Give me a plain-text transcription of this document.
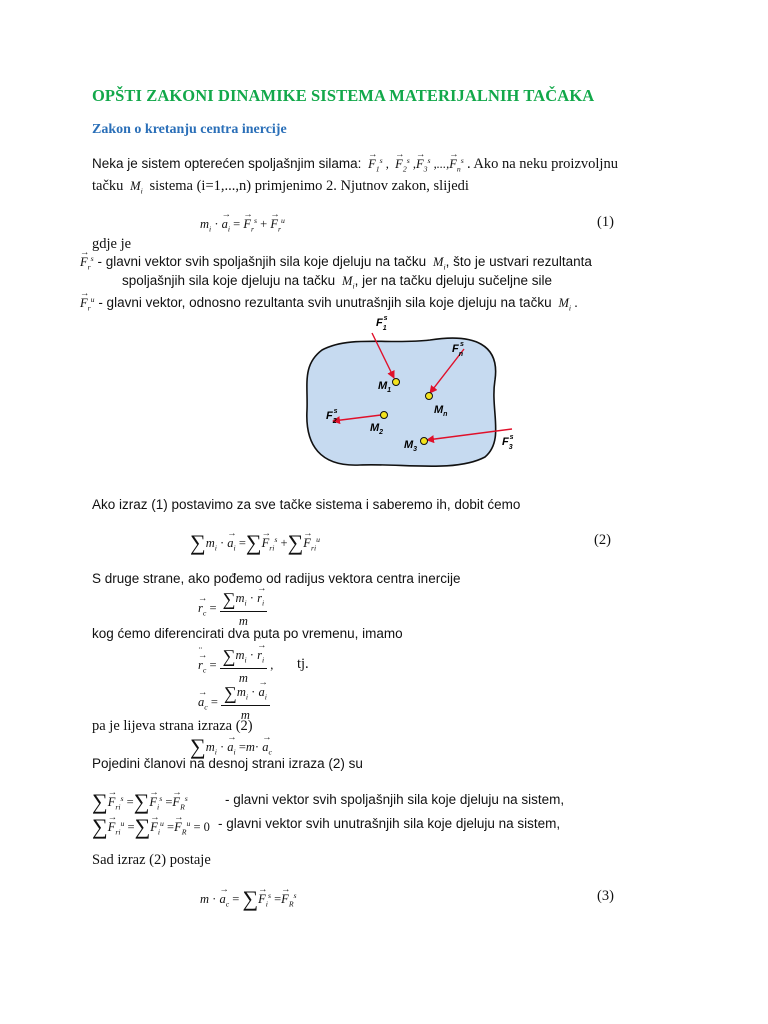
OPŠTI ZAKONI DINAMIKE SISTEMA MATERIJALNIH TAČAKA
Zakon o kretanju centra inercije
Neka je sistem opterećen spoljašnjim silama: → $F_1^s$ ,  → $F_2^s$ ,→ $F_3^s$ ,...,→ $F_n^s$ . Ako na neku proizvoljnu
tačku  $M_i$ sistema (i=1,...,n) primjenimo 2. Njutnov zakon, slijedi
$m_i$ · → $a_i$ = → $F_r^s$ + → $F_r^u$	(1)
gdje je
→ $F_r^s$ - glavni vektor svih spoljašnjih sila koje djeluju na tačku  $M_i$, što je ustvari rezultanta
spoljašnjih sila koje djeluju na tačku  $M_i$, jer na tačku djeluju sučeljne sile
→ $F_r^u$ - glavni vektor, odnosno rezultanta svih unutrašnjih sila koje djeluju na tačku  $M_i$ .
$F_1s$
$F_ns$
$M_1$
$M_n$
$F_2s$
$M_2$
$M_3$
$F_3s$
Ako izraz (1) postavimo za sve tačke sistema i saberemo ih, dobit ćemo
$\sum m_i$ · → $a_i$ =∑→ $F_{ri}^s$ +∑→ $F_{ri}^u$	(2)
S druge strane, ako pođemo od radijus vektora centra inercije
→ $r_c = \frac{\sum m_i \cdot \to r_i}{m}$
kog ćemo diferencirati dva puta po vremenu, imamo
→ r $¨_c = \frac{\sum m_i \cdot \to r ¨_i}{m}$ , tj.
→ $a_c = \frac{\sum m_i \cdot \to a_i}{m}$
pa je lijeva strana izraza (2)
$\sum m_i$ · → $a_i =m\cdot \to a_c$
Pojedini članovi na desnoj strani izraza (2) su
∑→ $F_{ri}^s$ =∑→ $F_i^s =\to F_R^s$	- glavni vektor svih spoljašnjih sila koje djeluju na sistem,
∑→ $F_{ri}^u$ =∑→ $F_i^u =\to F_R^u = 0$ - glavni vektor svih unutrašnjih sila koje djeluju na sistem,
Sad izraz (2) postaje
m · → $a_c$ = ∑→ $F_i^s =\to F_R^s$	(3)
